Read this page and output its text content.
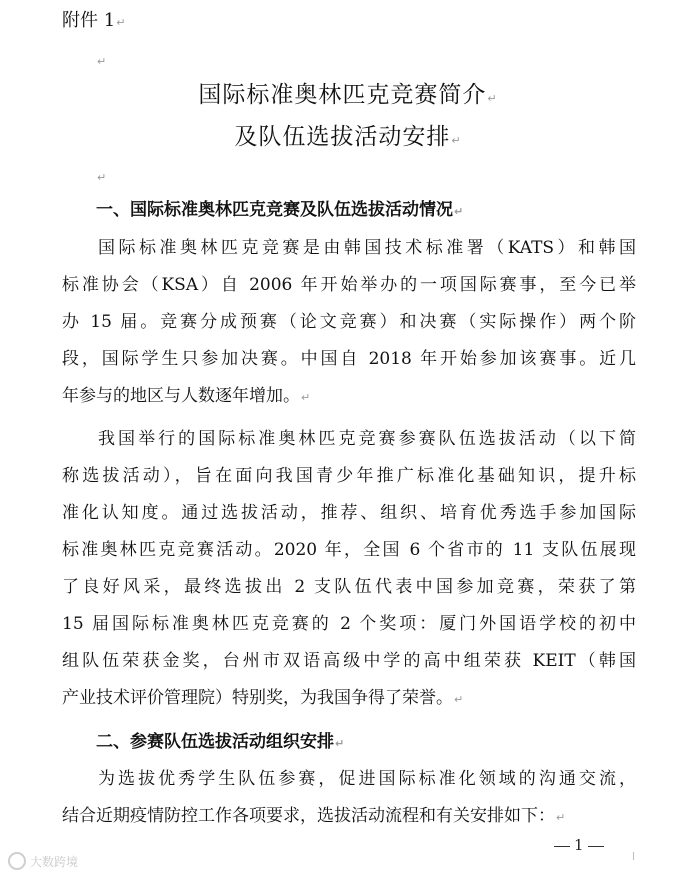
附件 1↵
↵
国际标准奥林匹克竞赛简介↵
及队伍选拔活动安排↵
↵
一、国际标准奥林匹克竞赛及队伍选拔活动情况↵
国际标准奥林匹克竞赛是由韩国技术标准署（KATS）和韩国
标准协会（KSA）自 2006 年开始举办的一项国际赛事，至今已举
办 15 届。竞赛分成预赛（论文竞赛）和决赛（实际操作）两个阶
段，国际学生只参加决赛。中国自 2018 年开始参加该赛事。近几
年参与的地区与人数逐年增加。↵
我国举行的国际标准奥林匹克竞赛参赛队伍选拔活动（以下简
称选拔活动），旨在面向我国青少年推广标准化基础知识，提升标
准化认知度。通过选拔活动，推荐、组织、培育优秀选手参加国际
标准奥林匹克竞赛活动。2020 年，全国 6 个省市的 11 支队伍展现
了良好风采，最终选拔出 2 支队伍代表中国参加竞赛，荣获了第
15 届国际标准奥林匹克竞赛的 2 个奖项：厦门外国语学校的初中
组队伍荣获金奖，台州市双语高级中学的高中组荣获 KEIT（韩国
产业技术评价管理院）特别奖，为我国争得了荣誉。↵
二、参赛队伍选拔活动组织安排↵
为选拔优秀学生队伍参赛，促进国际标准化领域的沟通交流，
结合近期疫情防控工作各项要求，选拔活动流程和有关安排如下：↵
1
大数跨境
